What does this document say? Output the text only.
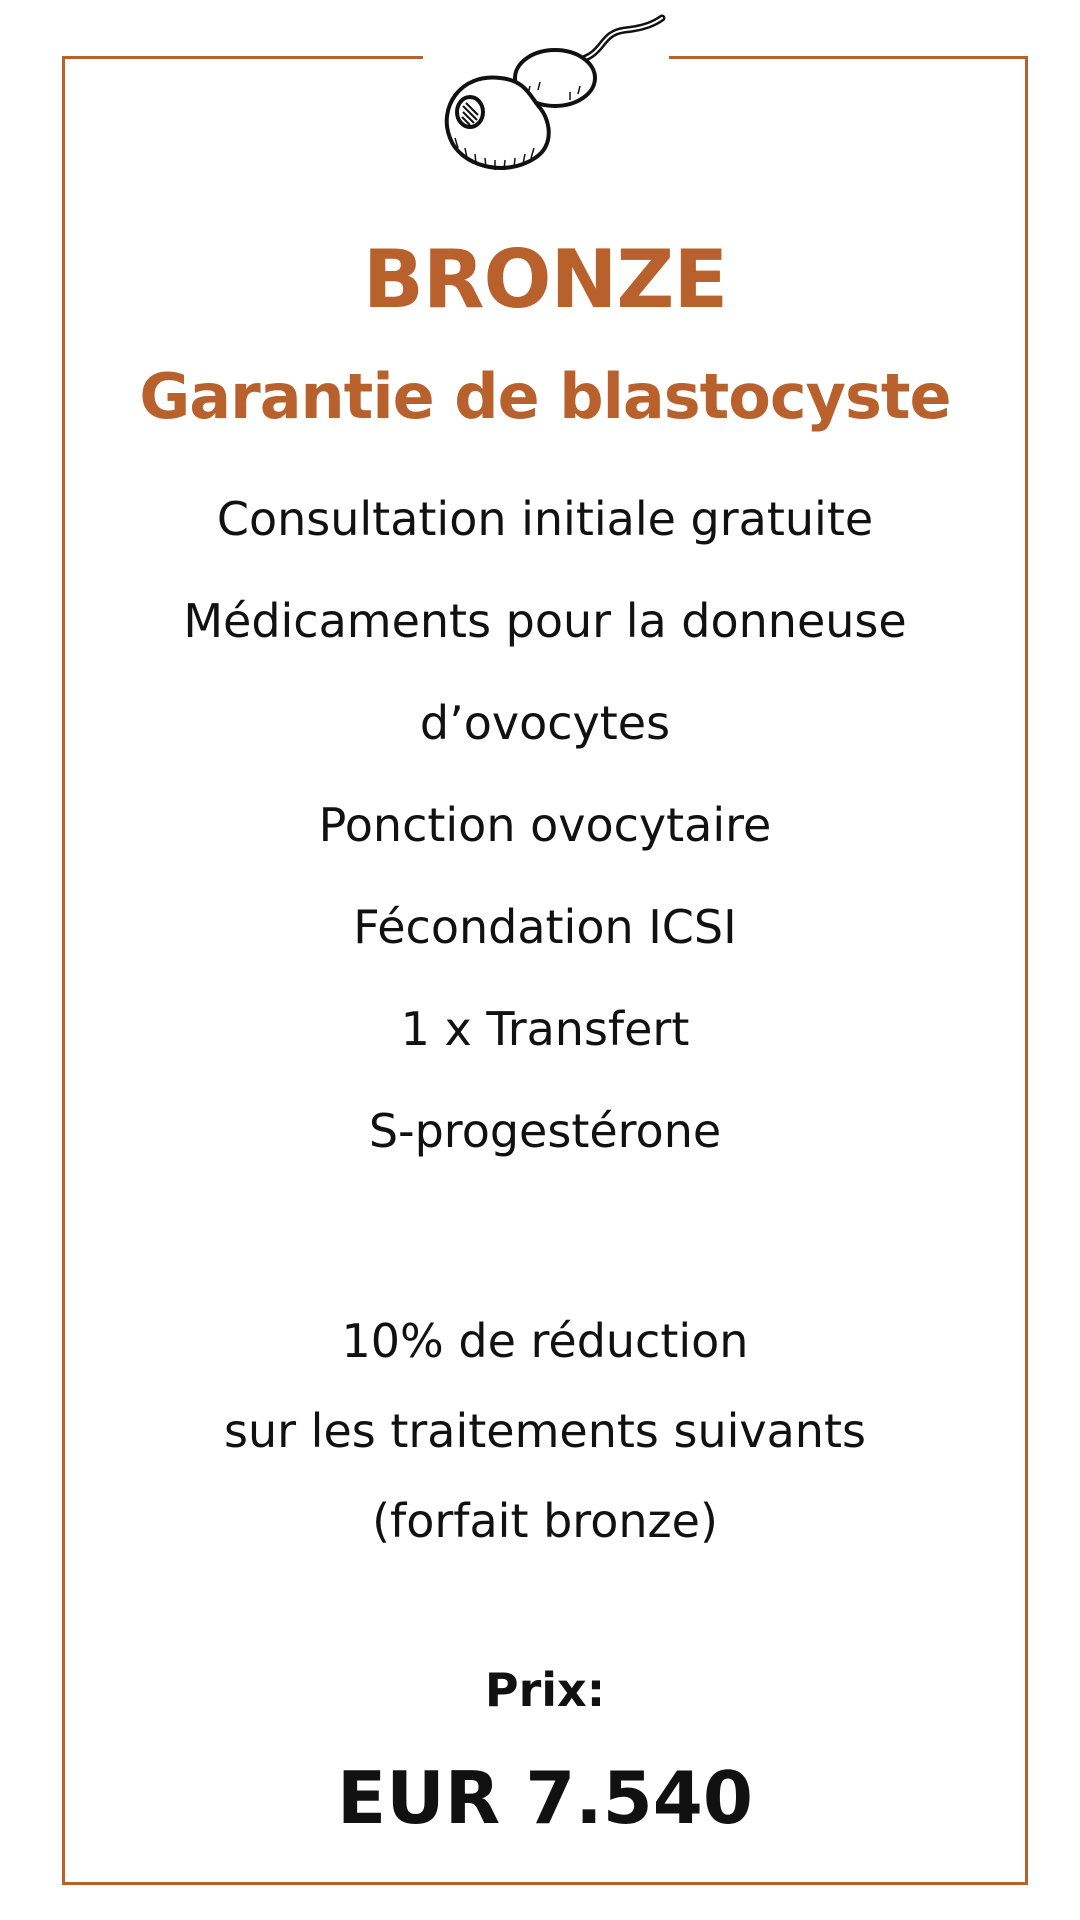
BRONZE
Garantie de blastocyste
Consultation initiale gratuite
Médicaments pour la donneuse
d’ovocytes
Ponction ovocytaire
Fécondation ICSI
1 x Transfert
S-progestérone
10% de réduction
sur les traitements suivants
(forfait bronze)
Prix:
EUR 7.540
